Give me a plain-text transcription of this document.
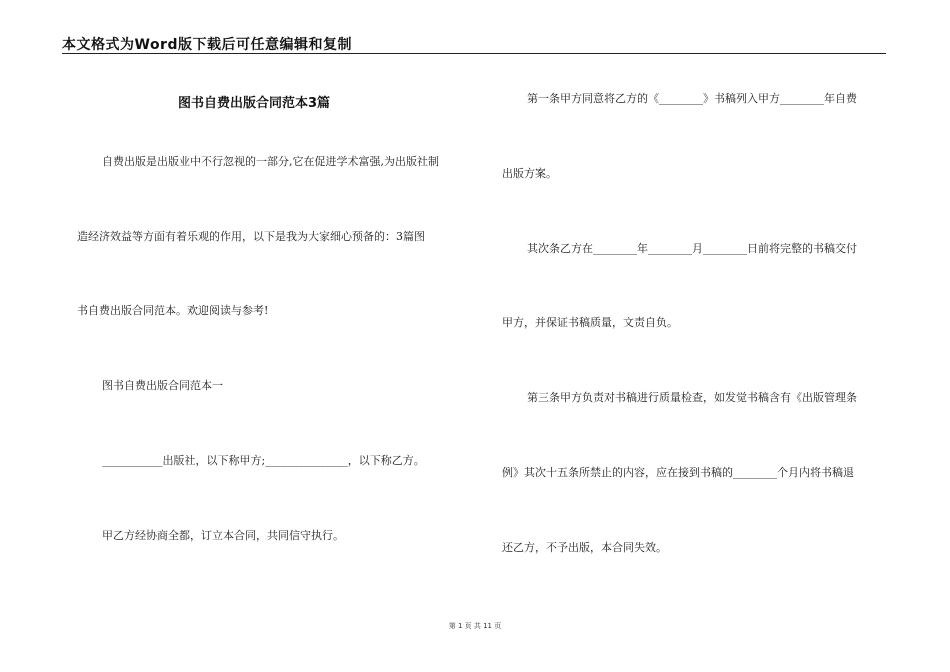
本文格式为Word版下载后可任意编辑和复制
图书自费出版合同范本3篇
自费出版是出版业中不行忽视的一部分,它在促进学术富强,为出版社制
造经济效益等方面有着乐观的作用，以下是我为大家细心预备的：3篇图
书自费出版合同范本。欢迎阅读与参考!
图书自费出版合同范本一
___________出版社，以下称甲方;_______________，以下称乙方。
甲乙方经协商全都，订立本合同，共同信守执行。
第一条甲方同意将乙方的《________》书稿列入甲方________年自费
出版方案。
其次条乙方在________年________月________日前将完整的书稿交付
甲方，并保证书稿质量，文责自负。
第三条甲方负责对书稿进行质量检查，如发觉书稿含有《出版管理条
例》其次十五条所禁止的内容，应在接到书稿的________个月内将书稿退
还乙方，不予出版，本合同失效。
第 1 页 共 11 页
